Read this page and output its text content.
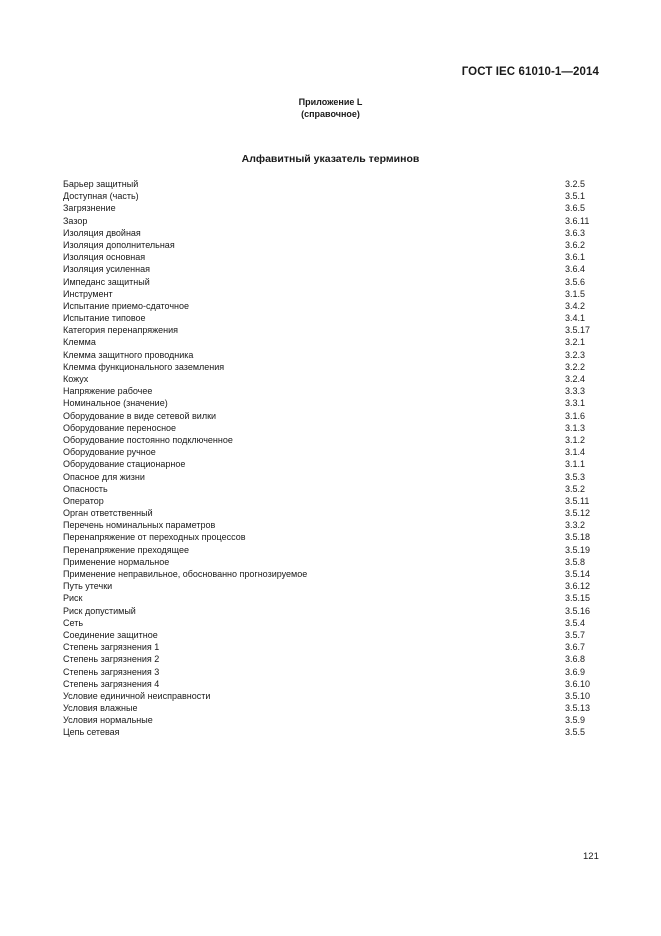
ГОСТ IEC 61010-1—2014
Приложение L
(справочное)
Алфавитный указатель терминов
Барьер защитный	3.2.5
Доступная (часть)	3.5.1
Загрязнение	3.6.5
Зазор	3.6.11
Изоляция двойная	3.6.3
Изоляция дополнительная	3.6.2
Изоляция основная	3.6.1
Изоляция усиленная	3.6.4
Импеданс защитный	3.5.6
Инструмент	3.1.5
Испытание приемо-сдаточное	3.4.2
Испытание типовое	3.4.1
Категория перенапряжения	3.5.17
Клемма	3.2.1
Клемма защитного проводника	3.2.3
Клемма функционального заземления	3.2.2
Кожух	3.2.4
Напряжение рабочее	3.3.3
Номинальное (значение)	3.3.1
Оборудование в виде сетевой вилки	3.1.6
Оборудование переносное	3.1.3
Оборудование постоянно подключенное	3.1.2
Оборудование ручное	3.1.4
Оборудование стационарное	3.1.1
Опасное для жизни	3.5.3
Опасность	3.5.2
Оператор	3.5.11
Орган ответственный	3.5.12
Перечень номинальных параметров	3.3.2
Перенапряжение от переходных процессов	3.5.18
Перенапряжение преходящее	3.5.19
Применение нормальное	3.5.8
Применение неправильное, обоснованно прогнозируемое	3.5.14
Путь утечки	3.6.12
Риск	3.5.15
Риск допустимый	3.5.16
Сеть	3.5.4
Соединение защитное	3.5.7
Степень загрязнения 1	3.6.7
Степень загрязнения 2	3.6.8
Степень загрязнения 3	3.6.9
Степень загрязнения 4	3.6.10
Условие единичной неисправности	3.5.10
Условия влажные	3.5.13
Условия нормальные	3.5.9
Цепь сетевая	3.5.5
121
